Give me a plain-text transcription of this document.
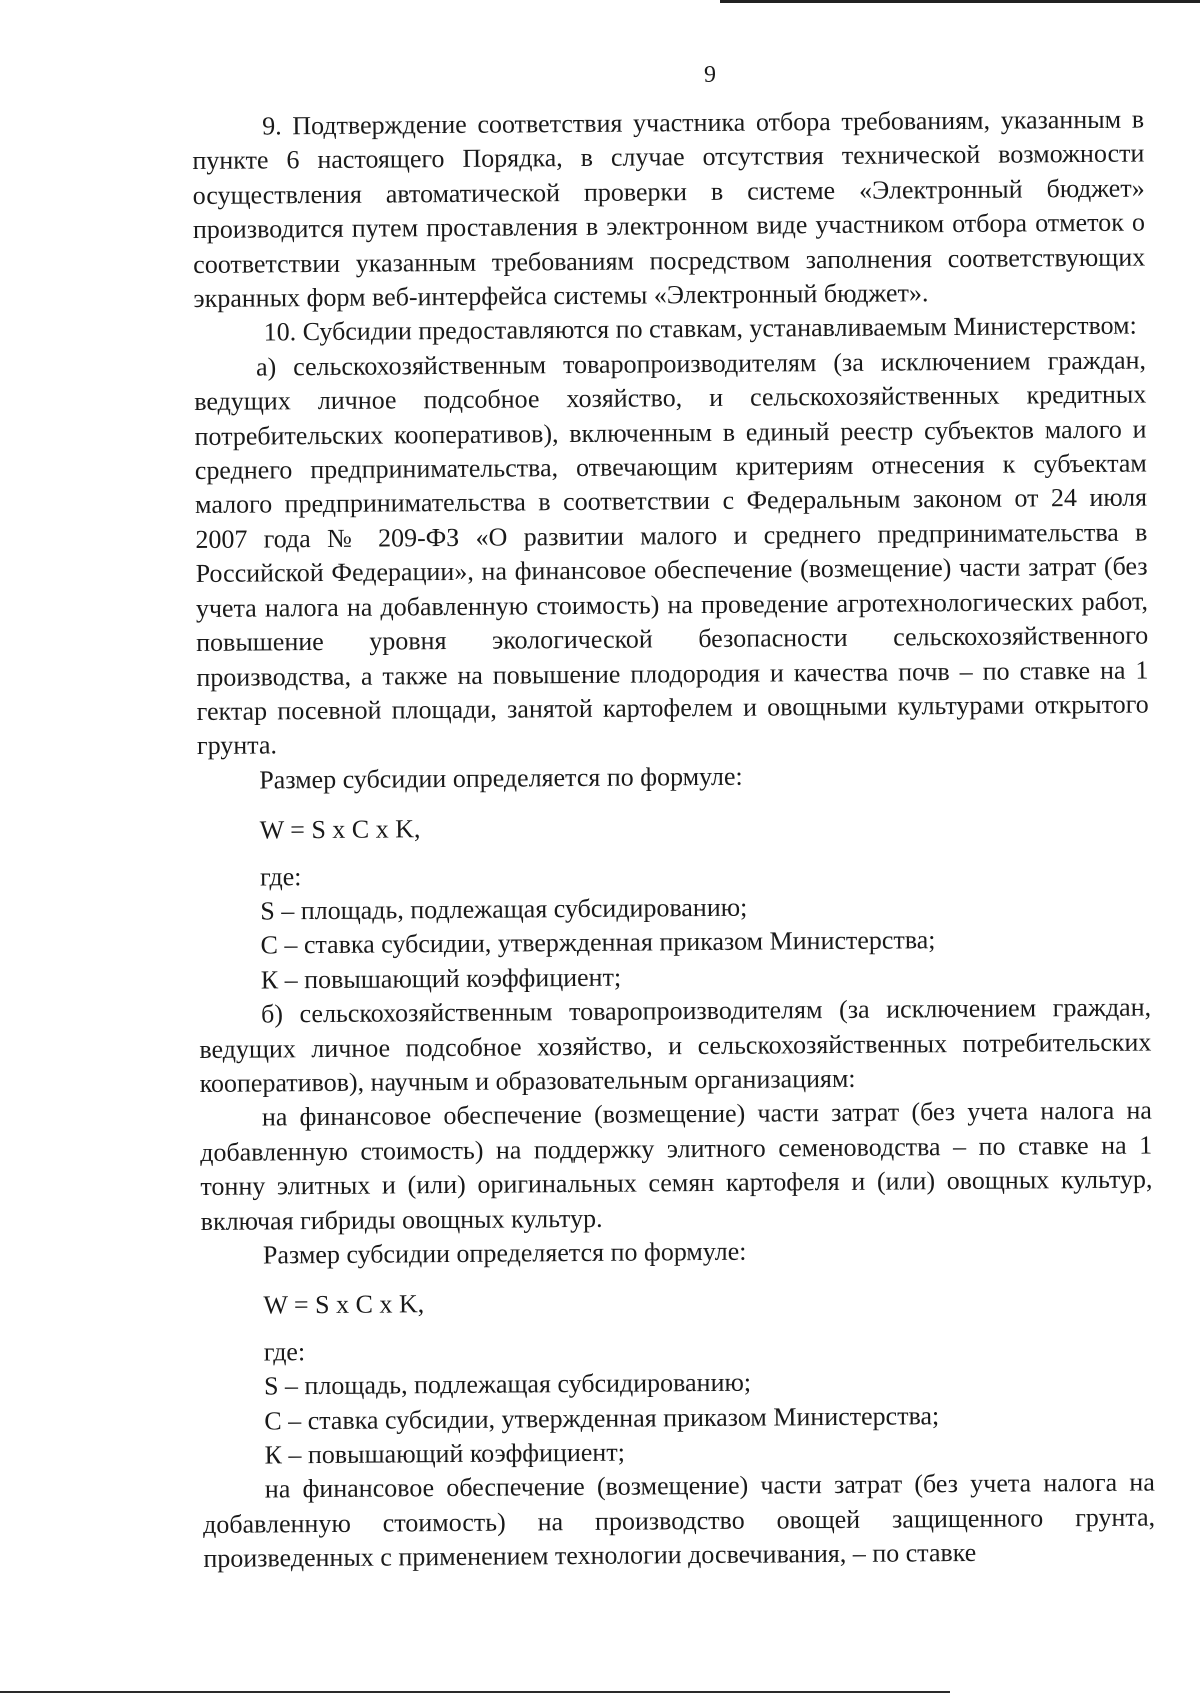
9

9. Подтверждение соответствия участника отбора требованиям, указанным в пункте 6 настоящего Порядка, в случае отсутствия технической возможности осуществления автоматической проверки в системе «Электронный бюджет» производится путем проставления в электронном виде участником отбора отметок о соответствии указанным требованиям посредством заполнения соответствующих экранных форм веб-интерфейса системы «Электронный бюджет».

10. Субсидии предоставляются по ставкам, устанавливаемым Министерством:

а) сельскохозяйственным товаропроизводителям (за исключением граждан, ведущих личное подсобное хозяйство, и сельскохозяйственных кредитных потребительских кооперативов), включенным в единый реестр субъектов малого и среднего предпринимательства, отвечающим критериям отнесения к субъектам малого предпринимательства в соответствии с Федеральным законом от 24 июля 2007 года № 209-ФЗ «О развитии малого и среднего предпринимательства в Российской Федерации», на финансовое обеспечение (возмещение) части затрат (без учета налога на добавленную стоимость) на проведение агротехнологических работ, повышение уровня экологической безопасности сельскохозяйственного производства, а также на повышение плодородия и качества почв – по ставке на 1 гектар посевной площади, занятой картофелем и овощными культурами открытого грунта.

Размер субсидии определяется по формуле:

W = S x C x K,

где:

S – площадь, подлежащая субсидированию;

С – ставка субсидии, утвержденная приказом Министерства;

К – повышающий коэффициент;

б) сельскохозяйственным товаропроизводителям (за исключением граждан, ведущих личное подсобное хозяйство, и сельскохозяйственных потребительских кооперативов), научным и образовательным организациям:

на финансовое обеспечение (возмещение) части затрат (без учета налога на добавленную стоимость) на поддержку элитного семеноводства – по ставке на 1 тонну элитных и (или) оригинальных семян картофеля и (или) овощных культур, включая гибриды овощных культур.

Размер субсидии определяется по формуле:

W = S x C x K,

где:

S – площадь, подлежащая субсидированию;

С – ставка субсидии, утвержденная приказом Министерства;

К – повышающий коэффициент;

на финансовое обеспечение (возмещение) части затрат (без учета налога на добавленную стоимость) на производство овощей защищенного грунта, произведенных с применением технологии досвечивания, – по ставке
